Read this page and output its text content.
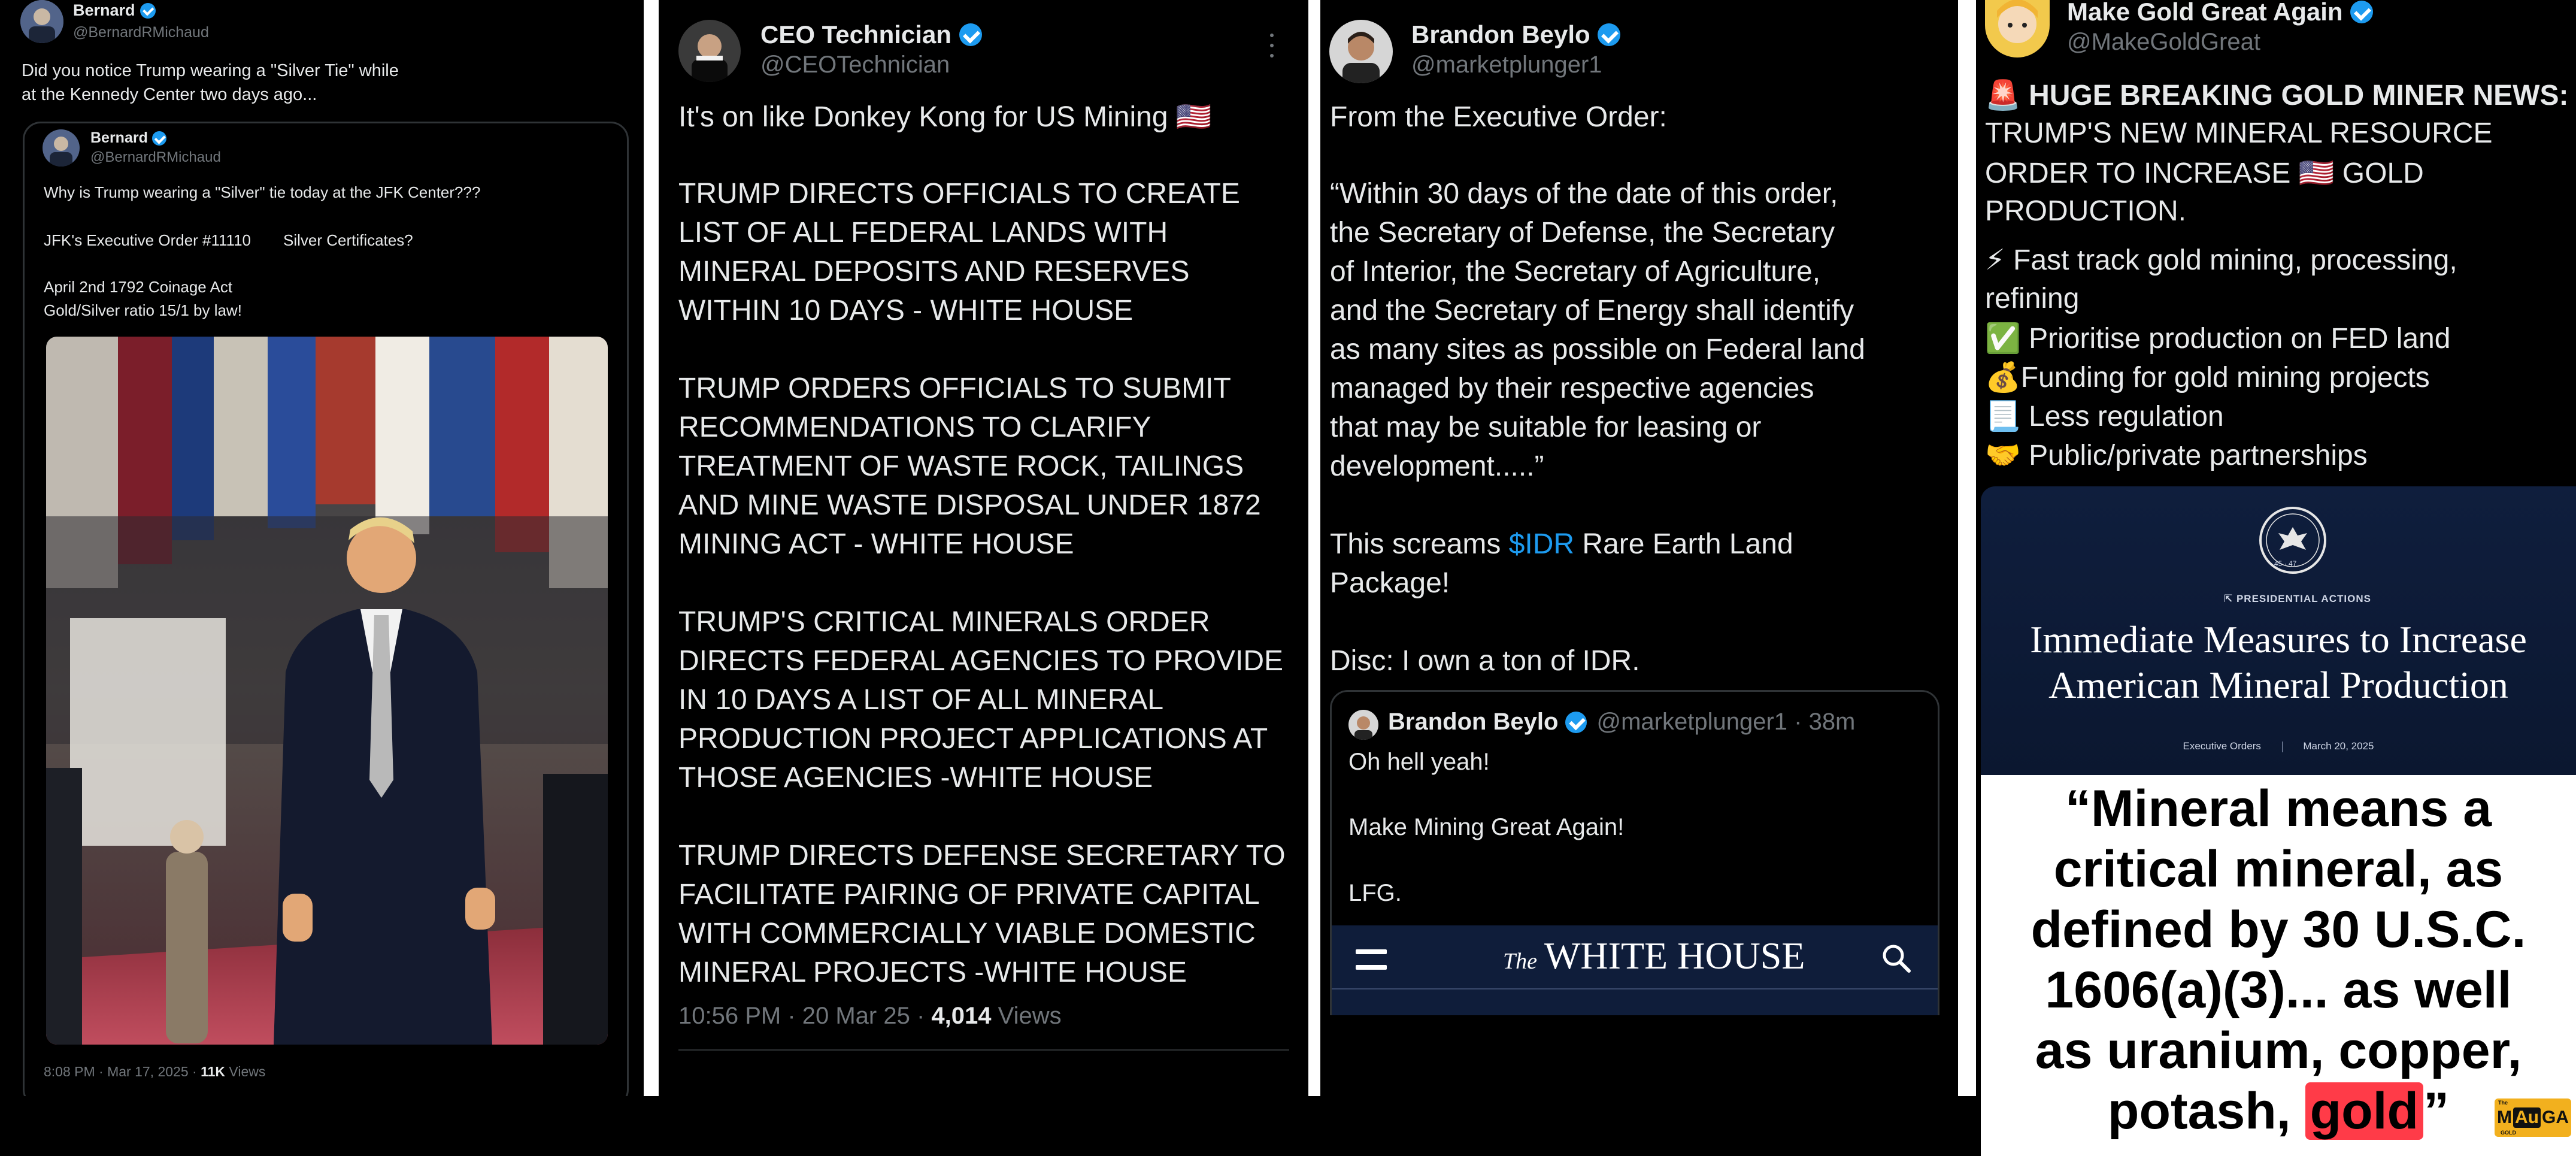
Bernard
@BernardRMichaud
Did you notice Trump wearing a "Silver Tie" while
at the Kennedy Center two days ago...
Bernard
@BernardRMichaud
Why is Trump wearing a "Silver" tie today at the JFK Center???
JFK's Executive Order #11110 Silver Certificates?
April 2nd 1792 Coinage Act
Gold/Silver ratio 15/1 by law!
8:08 PM · Mar 17, 2025 · 11K Views
CEO Technician
@CEOTechnician
It's on like Donkey Kong for US Mining 🇺🇸
TRUMP DIRECTS OFFICIALS TO CREATE
LIST OF ALL FEDERAL LANDS WITH
MINERAL DEPOSITS AND RESERVES
WITHIN 10 DAYS - WHITE HOUSE
TRUMP ORDERS OFFICIALS TO SUBMIT
RECOMMENDATIONS TO CLARIFY
TREATMENT OF WASTE ROCK, TAILINGS
AND MINE WASTE DISPOSAL UNDER 1872
MINING ACT - WHITE HOUSE
TRUMP'S CRITICAL MINERALS ORDER
DIRECTS FEDERAL AGENCIES TO PROVIDE
IN 10 DAYS A LIST OF ALL MINERAL
PRODUCTION PROJECT APPLICATIONS AT
THOSE AGENCIES -WHITE HOUSE
TRUMP DIRECTS DEFENSE SECRETARY TO
FACILITATE PAIRING OF PRIVATE CAPITAL
WITH COMMERCIALLY VIABLE DOMESTIC
MINERAL PROJECTS -WHITE HOUSE
10:56 PM · 20 Mar 25 · 4,014 Views
Brandon Beylo
@marketplunger1
From the Executive Order:
“Within 30 days of the date of this order,
the Secretary of Defense, the Secretary
of Interior, the Secretary of Agriculture,
and the Secretary of Energy shall identify
as many sites as possible on Federal land
managed by their respective agencies
that may be suitable for leasing or
development.....”
This screams $IDR Rare Earth Land
Package!
Disc: I own a ton of IDR.
Brandon Beylo @marketplunger1 · 38m
Oh hell yeah!
Make Mining Great Again!
LFG.
The WHITE HOUSE
Make Gold Great Again
@MakeGoldGreat
🚨 HUGE BREAKING GOLD MINER NEWS:
TRUMP'S NEW MINERAL RESOURCE
ORDER TO INCREASE 🇺🇸 GOLD
PRODUCTION.
⚡ Fast track gold mining, processing,
refining
✅ Prioritise production on FED land
💰Funding for gold mining projects
📃 Less regulation
🤝 Public/private partnerships
45 · 47
⇱ PRESIDENTIAL ACTIONS
Immediate Measures to Increase
American Mineral Production
Executive Orders	March 20, 2025
“Mineral means a
critical mineral, as
defined by 30 U.S.C.
1606(a)(3)... as well
as uranium, copper,
potash, gold”	The
M Au GA
GOLD
